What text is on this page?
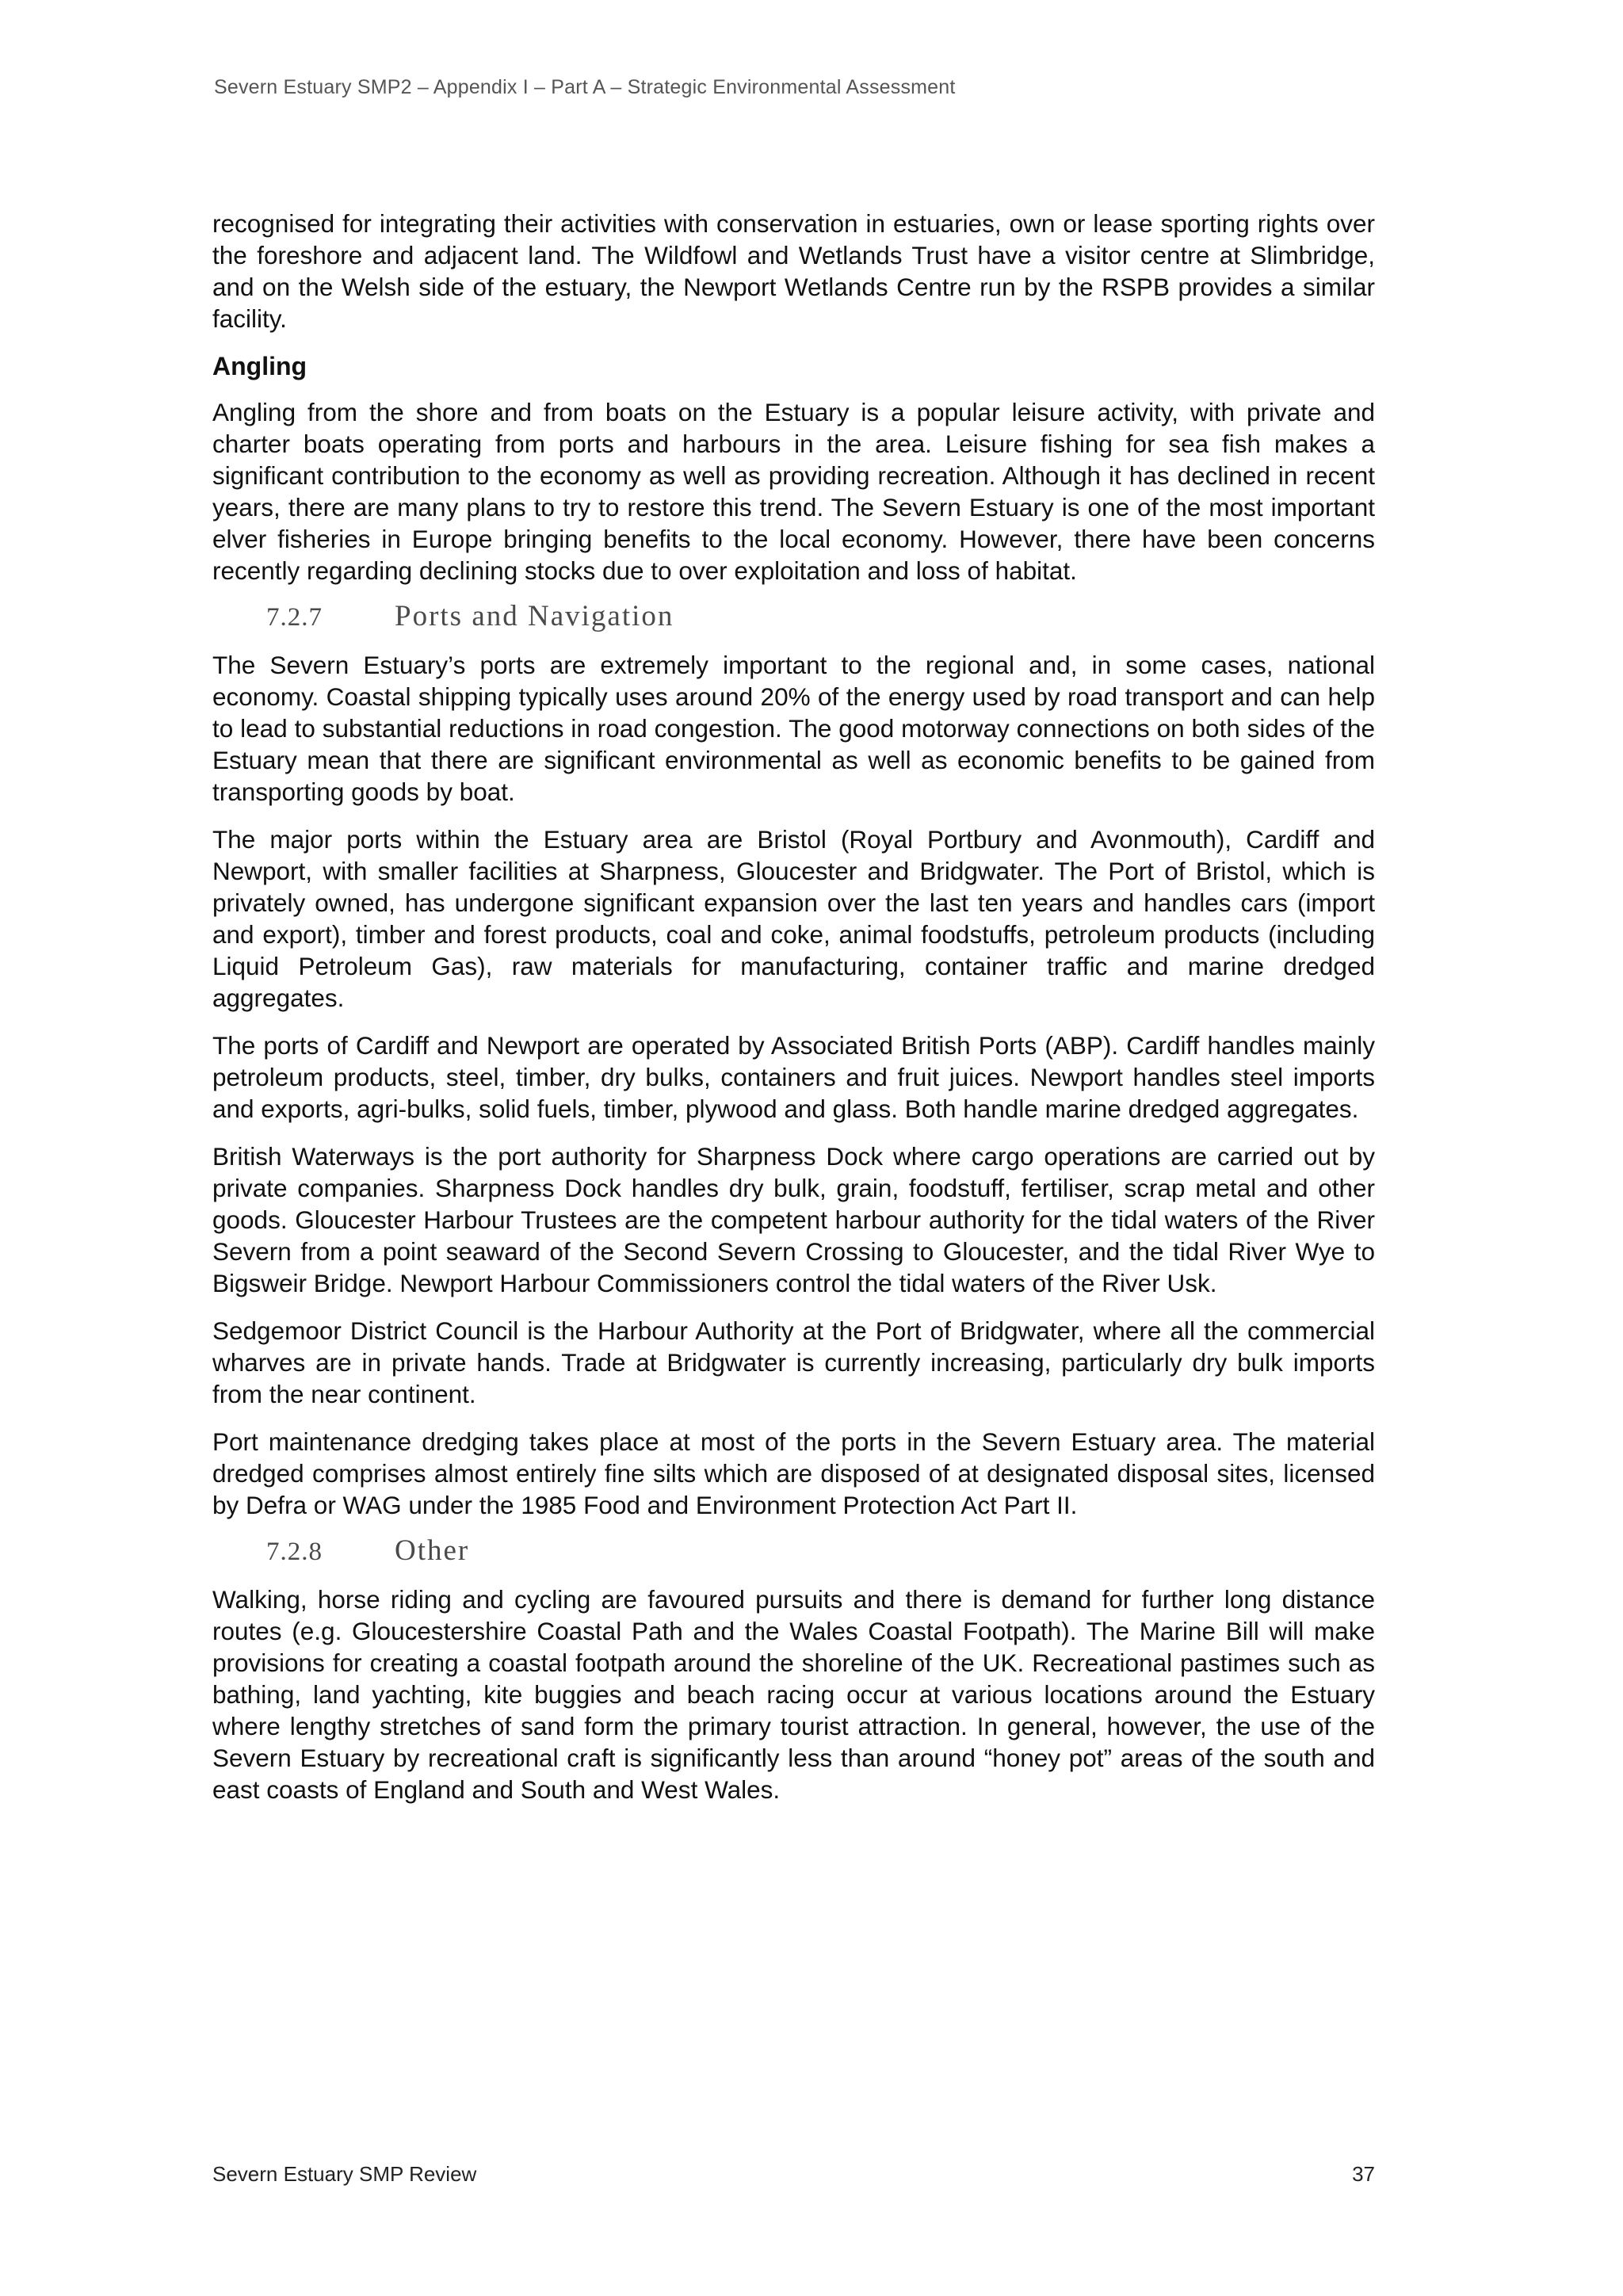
Severn Estuary SMP2 – Appendix I – Part A – Strategic Environmental Assessment

recognised for integrating their activities with conservation in estuaries, own or lease sporting rights over the foreshore and adjacent land. The Wildfowl and Wetlands Trust have a visitor centre at Slimbridge, and on the Welsh side of the estuary, the Newport Wetlands Centre run by the RSPB provides a similar facility.

Angling

Angling from the shore and from boats on the Estuary is a popular leisure activity, with private and charter boats operating from ports and harbours in the area. Leisure fishing for sea fish makes a significant contribution to the economy as well as providing recreation. Although it has declined in recent years, there are many plans to try to restore this trend. The Severn Estuary is one of the most important elver fisheries in Europe bringing benefits to the local economy. However, there have been concerns recently regarding declining stocks due to over exploitation and loss of habitat.

7.2.7 Ports and Navigation

The Severn Estuary’s ports are extremely important to the regional and, in some cases, national economy. Coastal shipping typically uses around 20% of the energy used by road transport and can help to lead to substantial reductions in road congestion. The good motorway connections on both sides of the Estuary mean that there are significant environmental as well as economic benefits to be gained from transporting goods by boat.

The major ports within the Estuary area are Bristol (Royal Portbury and Avonmouth), Cardiff and Newport, with smaller facilities at Sharpness, Gloucester and Bridgwater. The Port of Bristol, which is privately owned, has undergone significant expansion over the last ten years and handles cars (import and export), timber and forest products, coal and coke, animal foodstuffs, petroleum products (including Liquid Petroleum Gas), raw materials for manufacturing, container traffic and marine dredged aggregates.

The ports of Cardiff and Newport are operated by Associated British Ports (ABP). Cardiff handles mainly petroleum products, steel, timber, dry bulks, containers and fruit juices. Newport handles steel imports and exports, agri-bulks, solid fuels, timber, plywood and glass. Both handle marine dredged aggregates.

British Waterways is the port authority for Sharpness Dock where cargo operations are carried out by private companies. Sharpness Dock handles dry bulk, grain, foodstuff, fertiliser, scrap metal and other goods. Gloucester Harbour Trustees are the competent harbour authority for the tidal waters of the River Severn from a point seaward of the Second Severn Crossing to Gloucester, and the tidal River Wye to Bigsweir Bridge. Newport Harbour Commissioners control the tidal waters of the River Usk.

Sedgemoor District Council is the Harbour Authority at the Port of Bridgwater, where all the commercial wharves are in private hands. Trade at Bridgwater is currently increasing, particularly dry bulk imports from the near continent.

Port maintenance dredging takes place at most of the ports in the Severn Estuary area. The material dredged comprises almost entirely fine silts which are disposed of at designated disposal sites, licensed by Defra or WAG under the 1985 Food and Environment Protection Act Part II.

7.2.8 Other

Walking, horse riding and cycling are favoured pursuits and there is demand for further long distance routes (e.g. Gloucestershire Coastal Path and the Wales Coastal Footpath). The Marine Bill will make provisions for creating a coastal footpath around the shoreline of the UK. Recreational pastimes such as bathing, land yachting, kite buggies and beach racing occur at various locations around the Estuary where lengthy stretches of sand form the primary tourist attraction. In general, however, the use of the Severn Estuary by recreational craft is significantly less than around “honey pot” areas of the south and east coasts of England and South and West Wales.

Severn Estuary SMP Review	37
